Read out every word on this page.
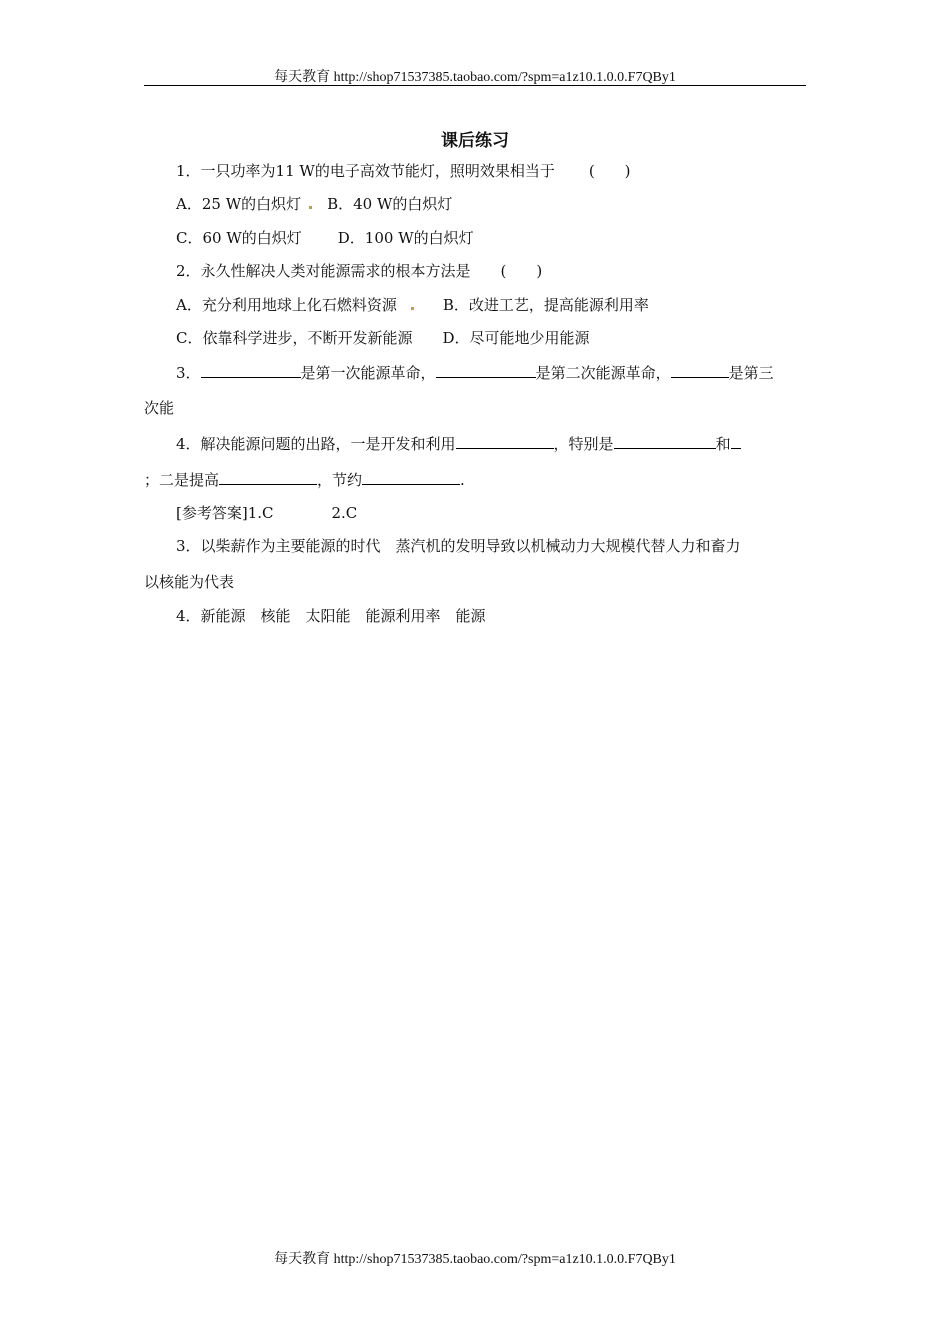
每天教育 http://shop71537385.taobao.com/?spm=a1z10.1.0.0.F7QBy1
课后练习
1．一只功率为11 W的电子高效节能灯，照明效果相当于 (　　)
A．25 W的白炽灯 B．40 W的白炽灯
C．60 W的白炽灯 D．100 W的白炽灯
2．永久性解决人类对能源需求的根本方法是 (　　)
A．充分利用地球上化石燃料资源	B．改进工艺，提高能源利用率
C．依靠科学进步，不断开发新能源 D．尽可能地少用能源
3．	是第一次能源革命，	是第二次能源革命，	是第三
次能
4．解决能源问题的出路，一是开发和利用	，特别是	和
；二是提高	，节约	.
[参考答案]1.C	2.C
3．以柴薪作为主要能源的时代　蒸汽机的发明导致以机械动力大规模代替人力和畜力
以核能为代表
4．新能源　核能　太阳能　能源利用率　能源
每天教育 http://shop71537385.taobao.com/?spm=a1z10.1.0.0.F7QBy1
